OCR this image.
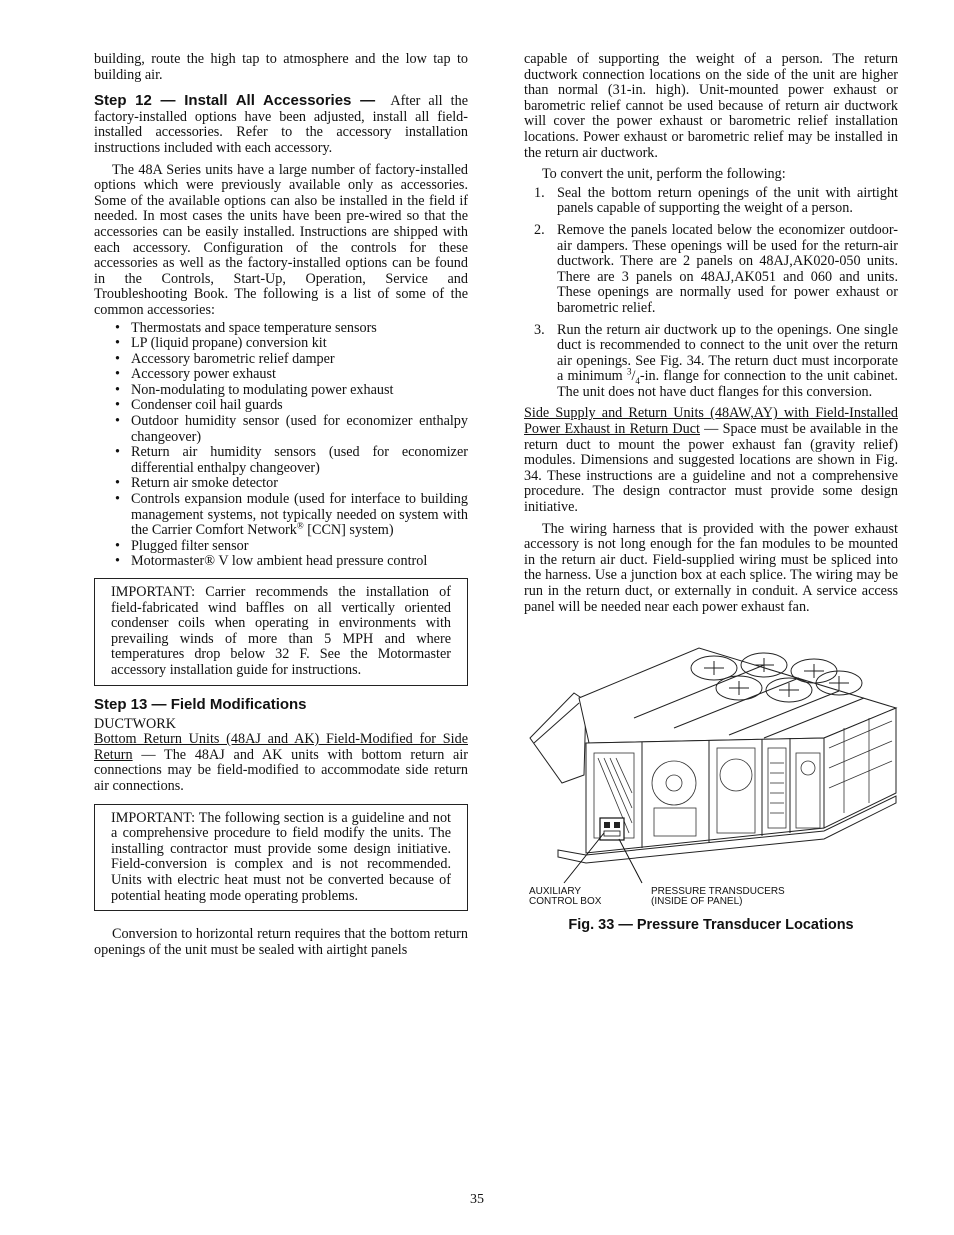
building, route the high tap to atmosphere and the low tap to building air.

Step 12 — Install All Accessories — After all the factory-installed options have been adjusted, install all field-installed accessories. Refer to the accessory installation instructions included with each accessory.

The 48A Series units have a large number of factory-installed options which were previously available only as accessories. Some of the available options can also be installed in the field if needed. In most cases the units have been pre-wired so that the accessories can be easily installed. Instructions are shipped with each accessory. Configuration of the controls for these accessories as well as the factory-installed options can be found in the Controls, Start-Up, Operation, Service and Troubleshooting Book. The following is a list of some of the common accessories:

• Thermostats and space temperature sensors
• LP (liquid propane) conversion kit
• Accessory barometric relief damper
• Accessory power exhaust
• Non-modulating to modulating power exhaust
• Condenser coil hail guards
• Outdoor humidity sensor (used for economizer enthalpy changeover)
• Return air humidity sensors (used for economizer differential enthalpy changeover)
• Return air smoke detector
• Controls expansion module (used for interface to building management systems, not typically needed on system with the Carrier Comfort Network® [CCN] system)
• Plugged filter sensor
• Motormaster® V low ambient head pressure control
IMPORTANT: Carrier recommends the installation of field-fabricated wind baffles on all vertically oriented condenser coils when operating in environments with prevailing winds of more than 5 MPH and where temperatures drop below 32 F. See the Motormaster accessory installation guide for instructions.
Step 13 — Field Modifications

DUCTWORK

Bottom Return Units (48AJ and AK) Field-Modified for Side Return — The 48AJ and AK units with bottom return air connections may be field-modified to accommodate side return air connections.

IMPORTANT: The following section is a guideline and not a comprehensive procedure to field modify the units. The installing contractor must provide some design initiative. Field-conversion is complex and is not recommended. Units with electric heat must not be converted because of potential heating mode operating problems.

Conversion to horizontal return requires that the bottom return openings of the unit must be sealed with airtight panels

capable of supporting the weight of a person. The return ductwork connection locations on the side of the unit are higher than normal (31-in. high). Unit-mounted power exhaust or barometric relief cannot be used because of return air ductwork will cover the power exhaust or barometric relief installation locations. Power exhaust or barometric relief may be installed in the return air ductwork.

To convert the unit, perform the following:

1. Seal the bottom return openings of the unit with airtight panels capable of supporting the weight of a person.
2. Remove the panels located below the economizer outdoor-air dampers. These openings will be used for the return-air ductwork. There are 2 panels on 48AJ,AK020-050 units. There are 3 panels on 48AJ,AK051 and 060 and units. These openings are normally used for power exhaust or barometric relief.
3. Run the return air ductwork up to the openings. One single duct is recommended to connect to the unit over the return air openings. See Fig. 34. The return duct must incorporate a minimum $^3/_4-in$. flange for connection to the unit cabinet. The unit does not have duct flanges for this conversion.

Side Supply and Return Units (48AW,AY) with Field-Installed Power Exhaust in Return Duct — Space must be available in the return duct to mount the power exhaust fan (gravity relief) modules. Dimensions and suggested locations are shown in Fig. 34. These instructions are a guideline and not a comprehensive procedure. The design contractor must provide some design initiative.

The wiring harness that is provided with the power exhaust accessory is not long enough for the fan modules to be mounted in the return air duct. Field-supplied wiring must be spliced into the harness. Use a junction box at each splice. The wiring may be run in the return duct, or externally in conduit. A service access panel will be needed near each power exhaust fan.

AUXILIARY
CONTROL BOX
PRESSURE TRANSDUCERS
(INSIDE OF PANEL)
Fig. 33 — Pressure Transducer Locations
35
